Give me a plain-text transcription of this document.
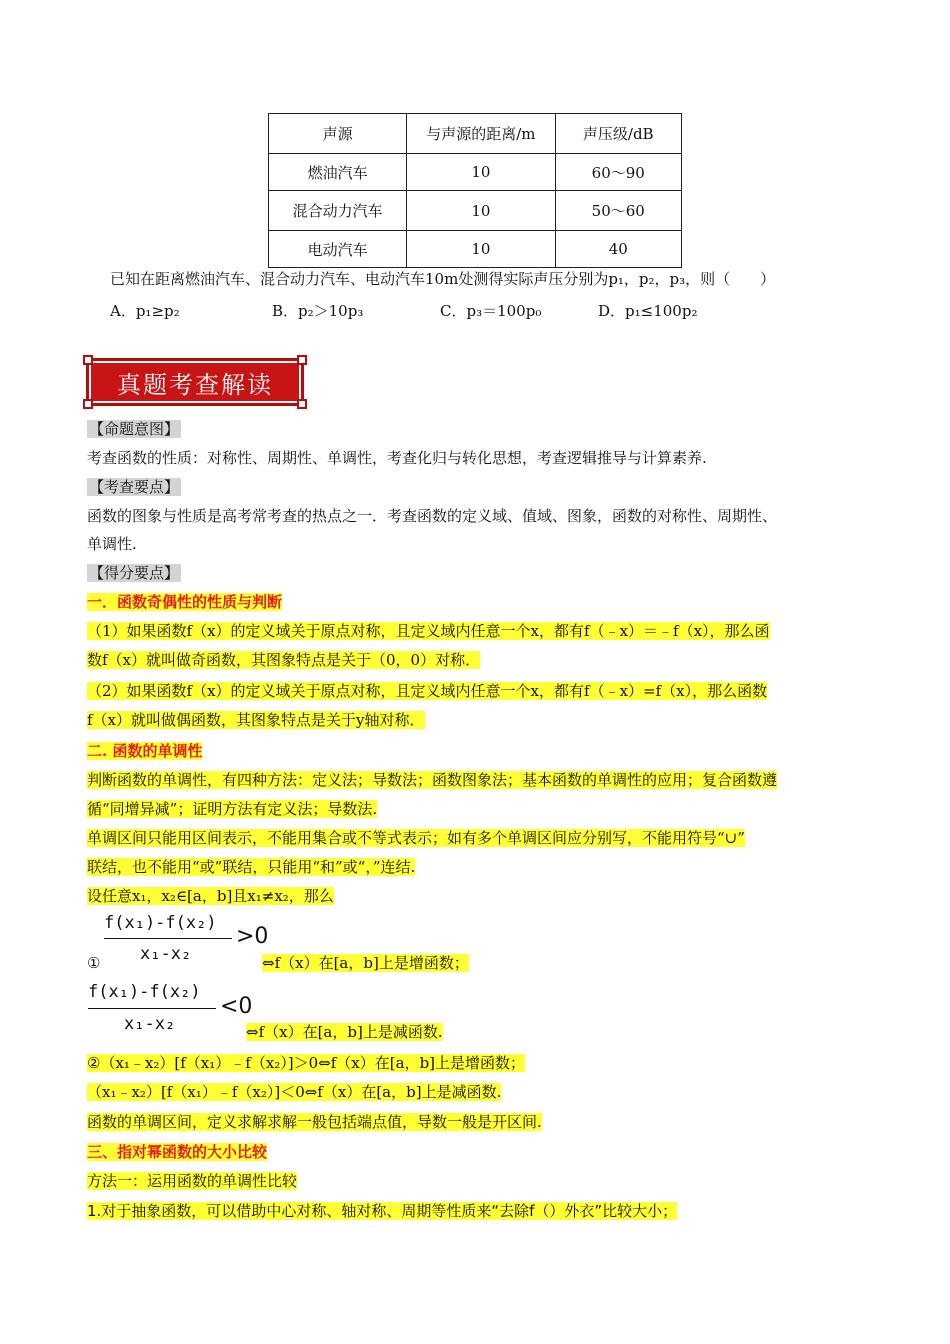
声源	与声源的距离/m	声压级/dB
燃油汽车	10	60～90
混合动力汽车	10	50～60
电动汽车	10	40
已知在距离燃油汽车、混合动力汽车、电动汽车10m处测得实际声压分别为p₁，p₂，p₃，则（　　）
A．p₁≥p₂	B．p₂＞10p₃	C．p₃＝100p₀	D．p₁≤100p₂
真题考查解读
【命题意图】
考查函数的性质：对称性、周期性、单调性，考查化归与转化思想，考查逻辑推导与计算素养.
【考查要点】
函数的图象与性质是高考常考查的热点之一．考查函数的定义域、值域、图象，函数的对称性、周期性、
单调性.
【得分要点】
一．函数奇偶性的性质与判断
（1）如果函数f（x）的定义域关于原点对称，且定义域内任意一个x，都有f（﹣x）＝﹣f（x），那么函
数f（x）就叫做奇函数，其图象特点是关于（0，0）对称．
（2）如果函数f（x）的定义域关于原点对称，且定义域内任意一个x，都有f（﹣x）=f（x），那么函数
f（x）就叫做偶函数，其图象特点是关于y轴对称．
二. 函数的单调性
判断函数的单调性，有四种方法：定义法；导数法；函数图象法；基本函数的单调性的应用；复合函数遵
循“同增异减”；证明方法有定义法；导数法.
单调区间只能用区间表示，不能用集合或不等式表示；如有多个单调区间应分别写，不能用符号“∪”
联结，也不能用“或”联结，只能用“和”或“，”连结.
设任意x₁，x₂∈[a，b]且x₁≠x₂，那么
f(x₁)-f(x₂)
x₁-x₂
>0
①	⇔f（x）在[a，b]上是增函数；
f(x₁)-f(x₂)
x₁-x₂
<0
⇔f（x）在[a，b]上是减函数.
②（x₁﹣x₂）[f（x₁）﹣f（x₂）]＞0⇔f（x）在[a，b]上是增函数；
（x₁﹣x₂）[f（x₁）﹣f（x₂）]＜0⇔f（x）在[a，b]上是减函数.
函数的单调区间，定义求解求解一般包括端点值，导数一般是开区间.
三、指对幂函数的大小比较
方法一：运用函数的单调性比较
1.对于抽象函数，可以借助中心对称、轴对称、周期等性质来“去除f（）外衣”比较大小；
